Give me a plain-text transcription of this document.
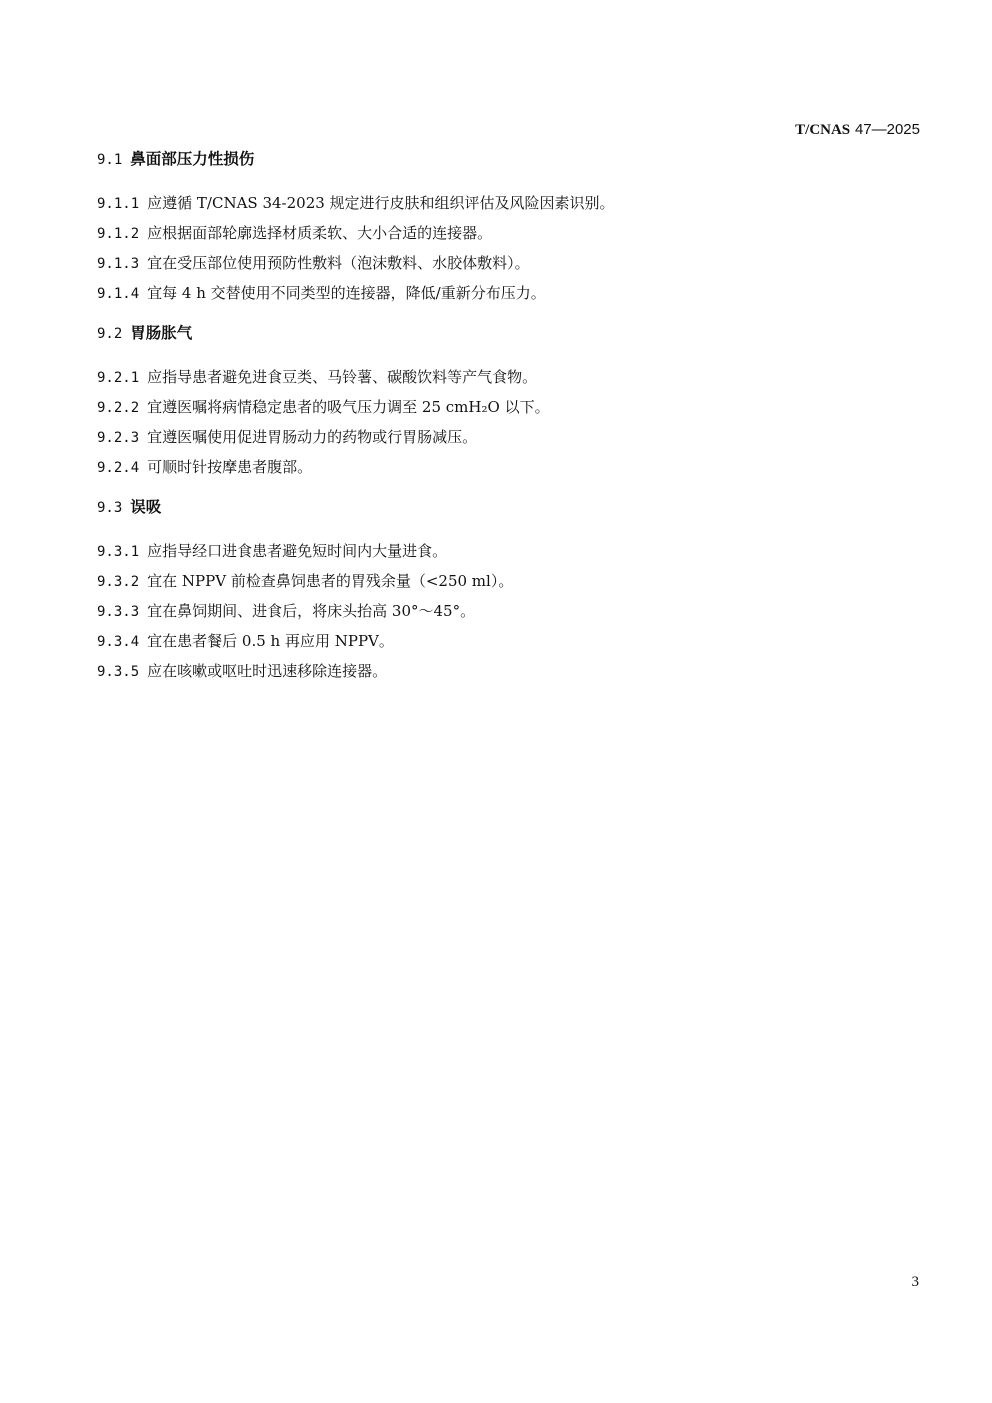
T/CNAS 47—2025
9.1 鼻面部压力性损伤
9.1.1 应遵循 T/CNAS 34-2023 规定进行皮肤和组织评估及风险因素识别。
9.1.2 应根据面部轮廓选择材质柔软、大小合适的连接器。
9.1.3 宜在受压部位使用预防性敷料（泡沫敷料、水胶体敷料）。
9.1.4 宜每 4 h 交替使用不同类型的连接器，降低/重新分布压力。
9.2 胃肠胀气
9.2.1 应指导患者避免进食豆类、马铃薯、碳酸饮料等产气食物。
9.2.2 宜遵医嘱将病情稳定患者的吸气压力调至 25 cmH₂O 以下。
9.2.3 宜遵医嘱使用促进胃肠动力的药物或行胃肠减压。
9.2.4 可顺时针按摩患者腹部。
9.3 误吸
9.3.1 应指导经口进食患者避免短时间内大量进食。
9.3.2 宜在 NPPV 前检查鼻饲患者的胃残余量（<250 ml）。
9.3.3 宜在鼻饲期间、进食后，将床头抬高 30°～45°。
9.3.4 宜在患者餐后 0.5 h 再应用 NPPV。
9.3.5 应在咳嗽或呕吐时迅速移除连接器。
3
